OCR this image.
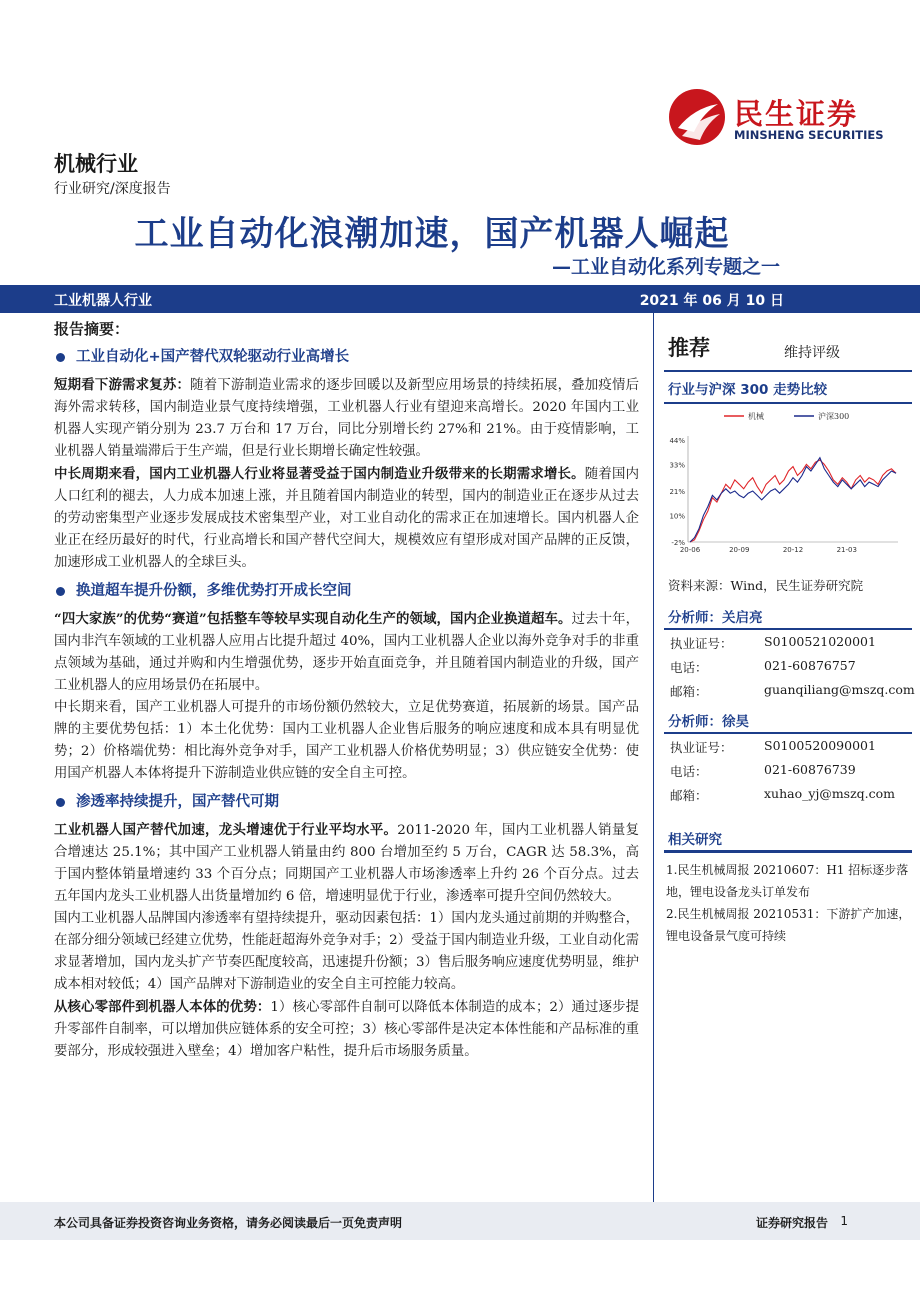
民生证券
MINSHENG SECURITIES
机械行业
行业研究/深度报告
工业自动化浪潮加速，国产机器人崛起
—工业自动化系列专题之一
工业机器人行业	2021 年 06 月 10 日
报告摘要：
工业自动化+国产替代双轮驱动行业高增长

短期看下游需求复苏：随着下游制造业需求的逐步回暖以及新型应用场景的持续拓展，叠加疫情后海外需求转移，国内制造业景气度持续增强，工业机器人行业有望迎来高增长。2020 年国内工业机器人实现产销分别为 23.7 万台和 17 万台，同比分别增长约 27%和 21%。由于疫情影响，工业机器人销量端滞后于生产端，但是行业长期增长确定性较强。

中长周期来看，国内工业机器人行业将显著受益于国内制造业升级带来的长期需求增长。随着国内人口红利的褪去，人力成本加速上涨，并且随着国内制造业的转型，国内的制造业正在逐步从过去的劳动密集型产业逐步发展成技术密集型产业，对工业自动化的需求正在加速增长。国内机器人企业正在经历最好的时代，行业高增长和国产替代空间大，规模效应有望形成对国产品牌的正反馈，加速形成工业机器人的全球巨头。

换道超车提升份额，多维优势打开成长空间

“四大家族”的优势“赛道”包括整车等较早实现自动化生产的领域，国内企业换道超车。过去十年，国内非汽车领域的工业机器人应用占比提升超过 40%，国内工业机器人企业以海外竞争对手的非重点领域为基础，通过并购和内生增强优势，逐步开始直面竞争，并且随着国内制造业的升级，国产工业机器人的应用场景仍在拓展中。

中长期来看，国产工业机器人可提升的市场份额仍然较大，立足优势赛道，拓展新的场景。国产品牌的主要优势包括：1）本土化优势：国内工业机器人企业售后服务的响应速度和成本具有明显优势；2）价格端优势：相比海外竞争对手，国产工业机器人价格优势明显；3）供应链安全优势：使用国产机器人本体将提升下游制造业供应链的安全自主可控。

渗透率持续提升，国产替代可期

工业机器人国产替代加速，龙头增速优于行业平均水平。2011-2020 年，国内工业机器人销量复合增速达 25.1%；其中国产工业机器人销量由约 800 台增加至约 5 万台，CAGR 达 58.3%，高于国内整体销量增速约 33 个百分点；同期国产工业机器人市场渗透率上升约 26 个百分点。过去五年国内龙头工业机器人出货量增加约 6 倍，增速明显优于行业，渗透率可提升空间仍然较大。

国内工业机器人品牌国内渗透率有望持续提升，驱动因素包括：1）国内龙头通过前期的并购整合，在部分细分领域已经建立优势，性能赶超海外竞争对手；2）受益于国内制造业升级，工业自动化需求显著增加，国内龙头扩产节奏匹配度较高，迅速提升份额；3）售后服务响应速度优势明显，维护成本相对较低；4）国产品牌对下游制造业的安全自主可控能力较高。

从核心零部件到机器人本体的优势：1）核心零部件自制可以降低本体制造的成本；2）通过逐步提升零部件自制率，可以增加供应链体系的安全可控；3）核心零部件是决定本体性能和产品标准的重要部分，形成较强进入壁垒；4）增加客户粘性，提升后市场服务质量。

推荐	维持评级
行业与沪深 300 走势比较
机械	沪深300
44%
33%
21%
10%
-2%
20-06	20-09	20-12	21-03
资料来源：Wind，民生证券研究院
分析师：关启亮
执业证号：	S0100521020001
电话：	021-60876757
邮箱：	guanqiliang@mszq.com
分析师：徐昊
执业证号：	S0100520090001
电话：	021-60876739
邮箱：	xuhao_yj@mszq.com
相关研究
1.民生机械周报 20210607：H1 招标逐步落地，锂电设备龙头订单发布
2.民生机械周报 20210531：下游扩产加速，锂电设备景气度可持续
本公司具备证券投资咨询业务资格，请务必阅读最后一页免责声明	证券研究报告 1
